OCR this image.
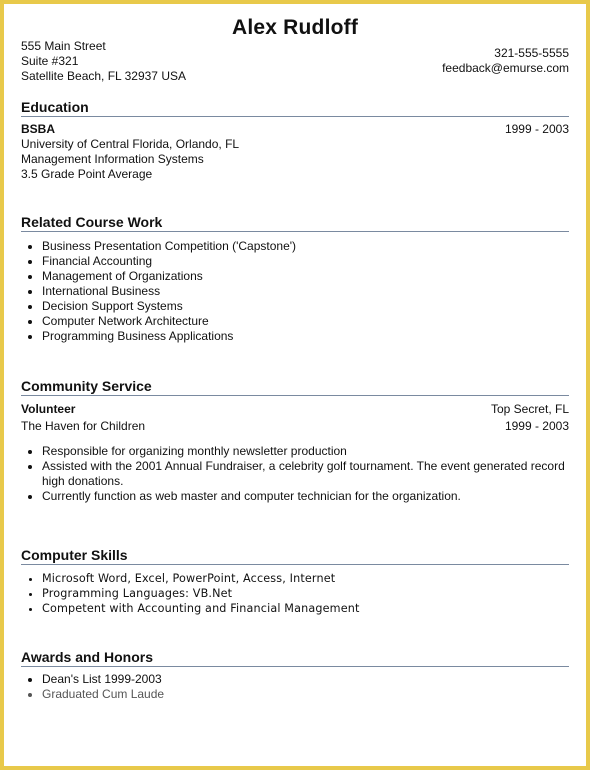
Alex Rudloff
555 Main Street
Suite #321
Satellite Beach, FL 32937 USA
321-555-5555
feedback@emurse.com
Education
BSBA	1999 - 2003
University of Central Florida, Orlando, FL
Management Information Systems
3.5 Grade Point Average
Related Course Work
• Business Presentation Competition ('Capstone')
• Financial Accounting
• Management of Organizations
• International Business
• Decision Support Systems
• Computer Network Architecture
• Programming Business Applications
Community Service
Volunteer	Top Secret, FL
The Haven for Children	1999 - 2003
• Responsible for organizing monthly newsletter production
• Assisted with the 2001 Annual Fundraiser, a celebrity golf tournament. The event generated record high donations.
• Currently function as web master and computer technician for the organization.
Computer Skills
• Microsoft Word, Excel, PowerPoint, Access, Internet
• Programming Languages: VB.Net
• Competent with Accounting and Financial Management
Awards and Honors
• Dean's List 1999-2003
• Graduated Cum Laude
